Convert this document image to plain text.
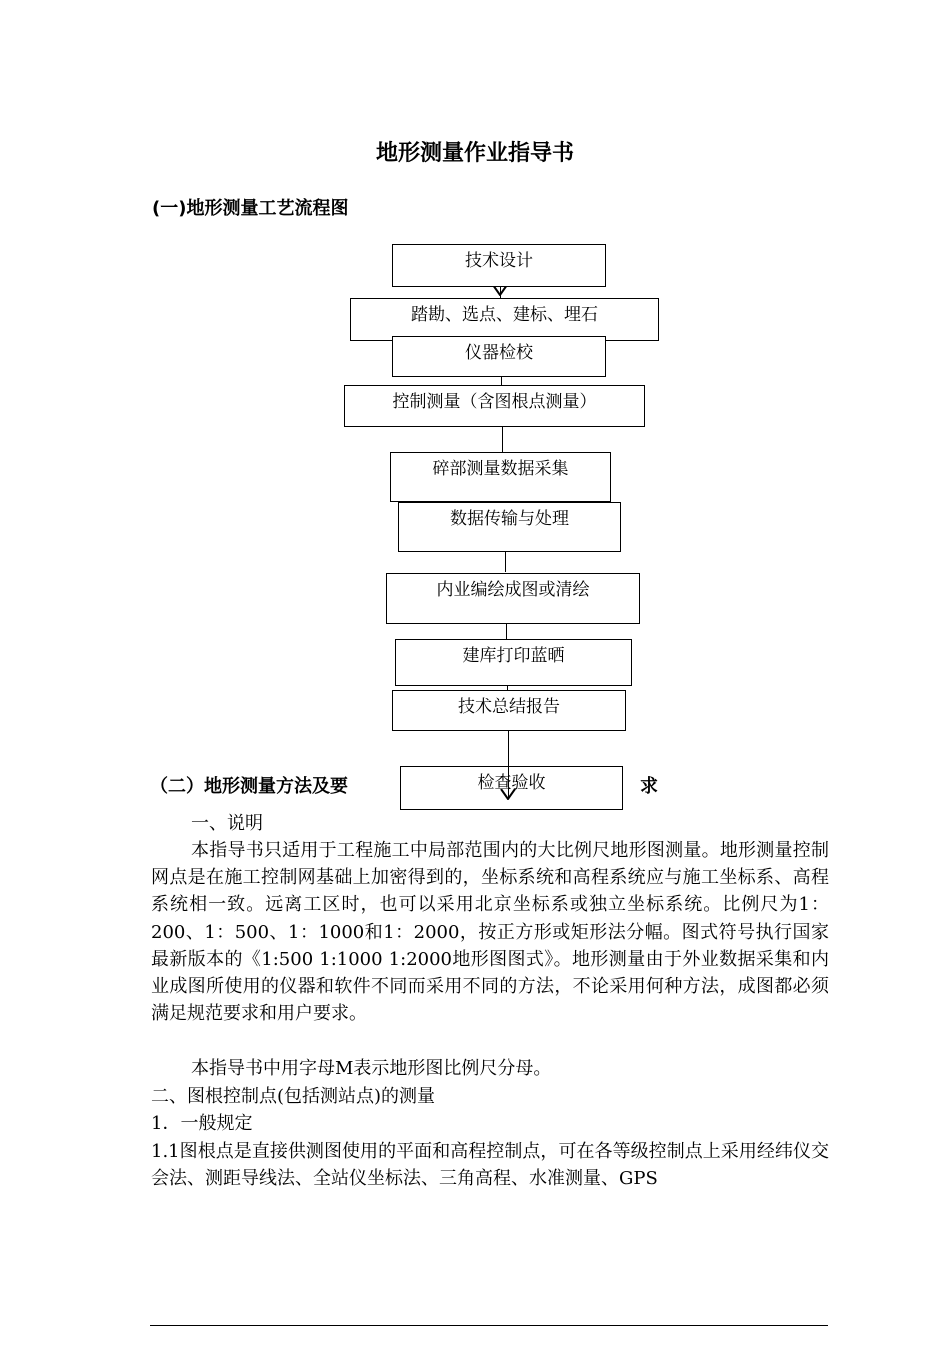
地形测量作业指导书
(一)地形测量工艺流程图
技术设计
踏勘、选点、建标、埋石
仪器检校
控制测量（含图根点测量）
碎部测量数据采集
数据传输与处理
内业编绘成图或清绘
建库打印蓝晒
技术总结报告
检查验收
（二）地形测量方法及要	求
一、说明
本指导书只适用于工程施工中局部范围内的大比例尺地形图测量。地形测量控制网点是在施工控制网基础上加密得到的，坐标系统和高程系统应与施工坐标系、高程系统相一致。远离工区时，也可以采用北京坐标系或独立坐标系统。比例尺为1：200、1：500、1：1000和1：2000，按正方形或矩形法分幅。图式符号执行国家最新版本的《1:500 1:1000 1:2000地形图图式》。地形测量由于外业数据采集和内业成图所使用的仪器和软件不同而采用不同的方法，不论采用何种方法，成图都必须满足规范要求和用户要求。
本指导书中用字母M表示地形图比例尺分母。
二、图根控制点(包括测站点)的测量
1．一般规定
1.1图根点是直接供测图使用的平面和高程控制点，可在各等级控制点上采用经纬仪交会法、测距导线法、全站仪坐标法、三角高程、水准测量、GPS
